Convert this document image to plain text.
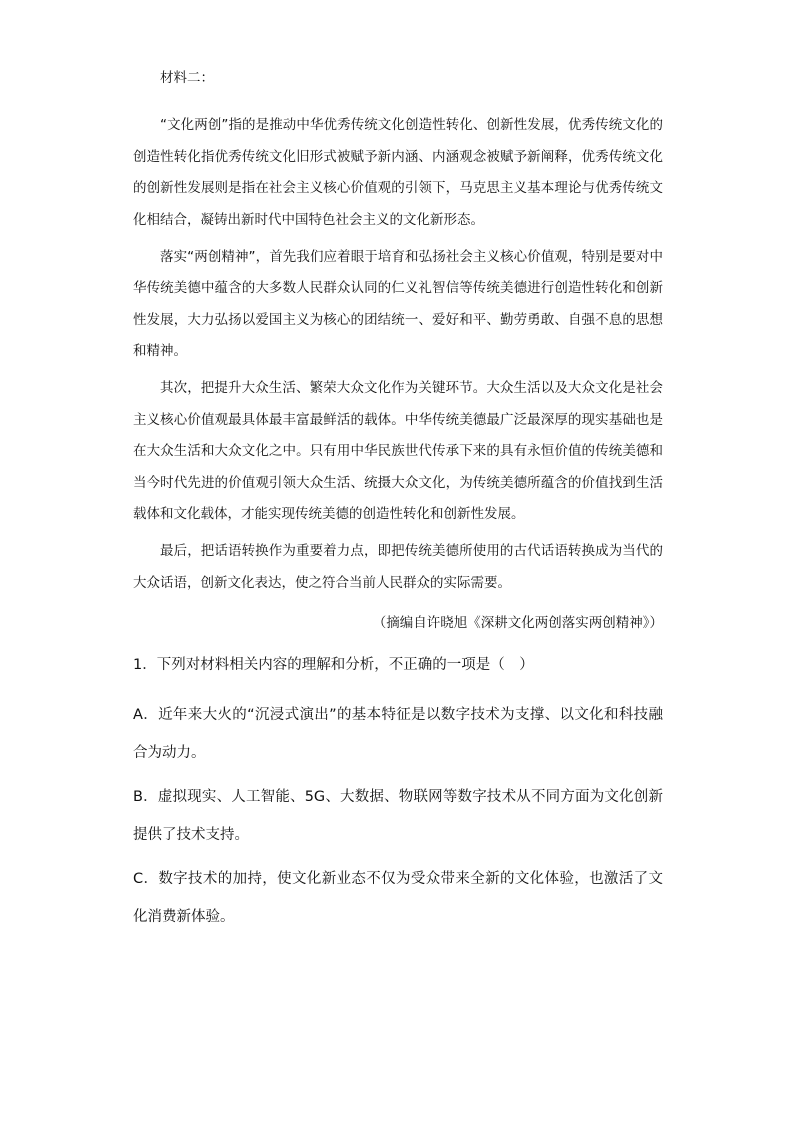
材料二：

“文化两创”指的是推动中华优秀传统文化创造性转化、创新性发展，优秀传统文化的创造性转化指优秀传统文化旧形式被赋予新内涵、内涵观念被赋予新阐释，优秀传统文化的创新性发展则是指在社会主义核心价值观的引领下，马克思主义基本理论与优秀传统文化相结合，凝铸出新时代中国特色社会主义的文化新形态。

落实“两创精神”，首先我们应着眼于培育和弘扬社会主义核心价值观，特别是要对中华传统美德中蕴含的大多数人民群众认同的仁义礼智信等传统美德进行创造性转化和创新性发展，大力弘扬以爱国主义为核心的团结统一、爱好和平、勤劳勇敢、自强不息的思想和精神。

其次，把提升大众生活、繁荣大众文化作为关键环节。大众生活以及大众文化是社会主义核心价值观最具体最丰富最鲜活的载体。中华传统美德最广泛最深厚的现实基础也是在大众生活和大众文化之中。只有用中华民族世代传承下来的具有永恒价值的传统美德和当今时代先进的价值观引领大众生活、统摄大众文化，为传统美德所蕴含的价值找到生活载体和文化载体，才能实现传统美德的创造性转化和创新性发展。

最后，把话语转换作为重要着力点，即把传统美德所使用的古代话语转换成为当代的大众话语，创新文化表达，使之符合当前人民群众的实际需要。

（摘编自许晓旭《深耕文化两创落实两创精神》）
1．下列对材料相关内容的理解和分析，不正确的一项是（　）
A．近年来大火的“沉浸式演出”的基本特征是以数字技术为支撑、以文化和科技融合为动力。
B．虚拟现实、人工智能、5G、大数据、物联网等数字技术从不同方面为文化创新提供了技术支持。
C．数字技术的加持，使文化新业态不仅为受众带来全新的文化体验，也激活了文化消费新体验。
